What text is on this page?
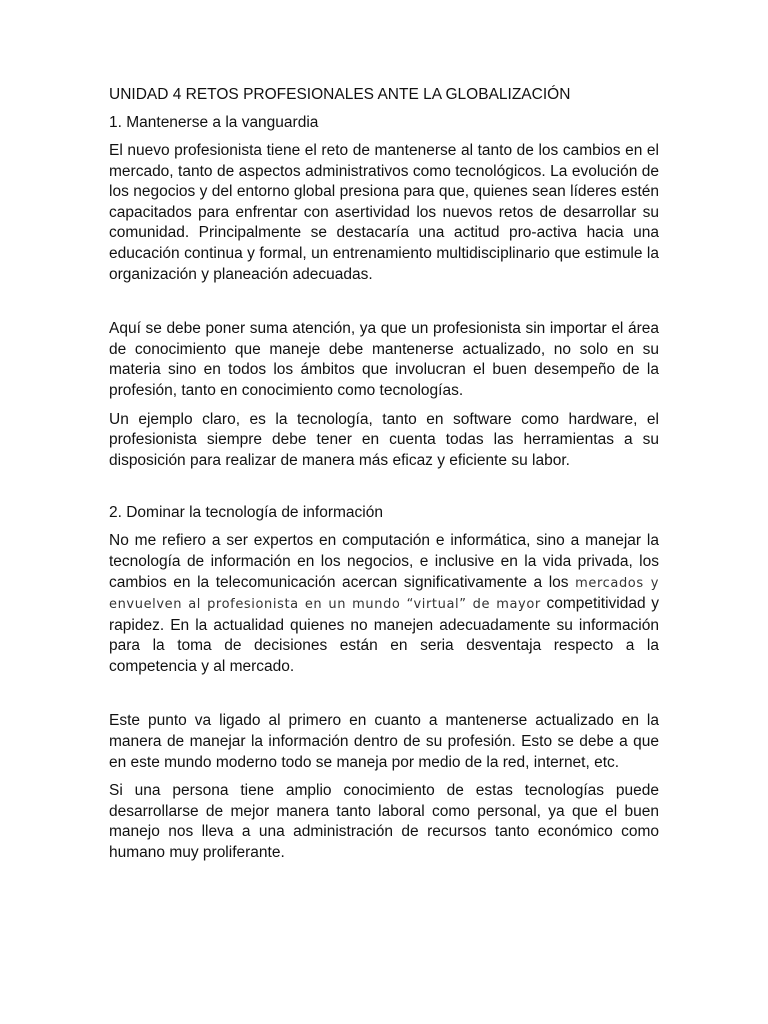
UNIDAD 4 RETOS PROFESIONALES ANTE LA GLOBALIZACIÓN

1. Mantenerse a la vanguardia

El nuevo profesionista tiene el reto de mantenerse al tanto de los cambios en el mercado, tanto de aspectos administrativos como tecnológicos. La evolución de los negocios y del entorno global presiona para que, quienes sean líderes estén capacitados para enfrentar con asertividad los nuevos retos de desarrollar su comunidad. Principalmente se destacaría una actitud pro-activa hacia una educación continua y formal, un entrenamiento multidisciplinario que estimule la organización y planeación adecuadas.

Aquí se debe poner suma atención, ya que un profesionista sin importar el área de conocimiento que maneje debe mantenerse actualizado, no solo en su materia sino en todos los ámbitos que involucran el buen desempeño de la profesión, tanto en conocimiento como tecnologías.

Un ejemplo claro, es la tecnología, tanto en software como hardware, el profesionista siempre debe tener en cuenta todas las herramientas a su disposición para realizar de manera más eficaz y eficiente su labor.

2. Dominar la tecnología de información

No me refiero a ser expertos en computación e informática, sino a manejar la tecnología de información en los negocios, e inclusive en la vida privada, los cambios en la telecomunicación acercan significativamente a los mercados y envuelven al profesionista en un mundo “virtual” de mayor competitividad y rapidez. En la actualidad quienes no manejen adecuadamente su información para la toma de decisiones están en seria desventaja respecto a la competencia y al mercado.

Este punto va ligado al primero en cuanto a mantenerse actualizado en la manera de manejar la información dentro de su profesión. Esto se debe a que en este mundo moderno todo se maneja por medio de la red, internet, etc.

Si una persona tiene amplio conocimiento de estas tecnologías puede desarrollarse de mejor manera tanto laboral como personal, ya que el buen manejo nos lleva a una administración de recursos tanto económico como humano muy proliferante.
